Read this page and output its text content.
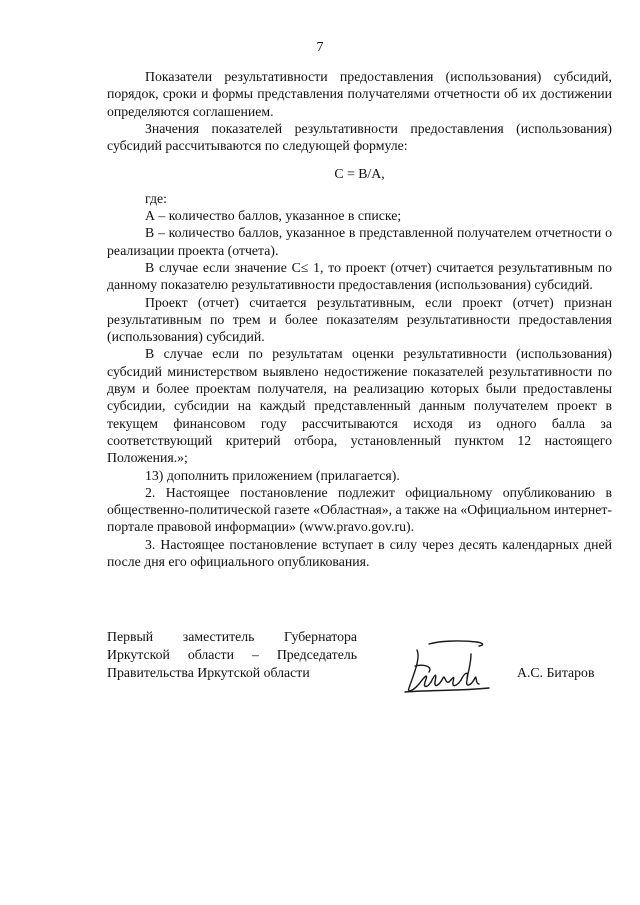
7

Показатели результативности предоставления (использования) субсидий, порядок, сроки и формы представления получателями отчетности об их достижении определяются соглашением.

Значения показателей результативности предоставления (использования) субсидий рассчитываются по следующей формуле:

С = В/А,

где:

А – количество баллов, указанное в списке;

В – количество баллов, указанное в представленной получателем отчетности о реализации проекта (отчета).

В случае если значение С≤ 1, то проект (отчет) считается результативным по данному показателю результативности предоставления (использования) субсидий.

Проект (отчет) считается результативным, если проект (отчет) признан результативным по трем и более показателям результативности предоставления (использования) субсидий.

В случае если по результатам оценки результативности (использования) субсидий министерством выявлено недостижение показателей результативности по двум и более проектам получателя, на реализацию которых были предоставлены субсидии, субсидии на каждый представленный данным получателем проект в текущем финансовом году рассчитываются исходя из одного балла за соответствующий критерий отбора, установленный пунктом 12 настоящего Положения.»;

13) дополнить приложением (прилагается).

2. Настоящее постановление подлежит официальному опубликованию в общественно-политической газете «Областная», а также на «Официальном интернет-портале правовой информации» (www.pravo.gov.ru).

3. Настоящее постановление вступает в силу через десять календарных дней после дня его официального опубликования.

Первый заместитель Губернатора
Иркутской области – Председатель
Правительства Иркутской области	А.С. Битаров
